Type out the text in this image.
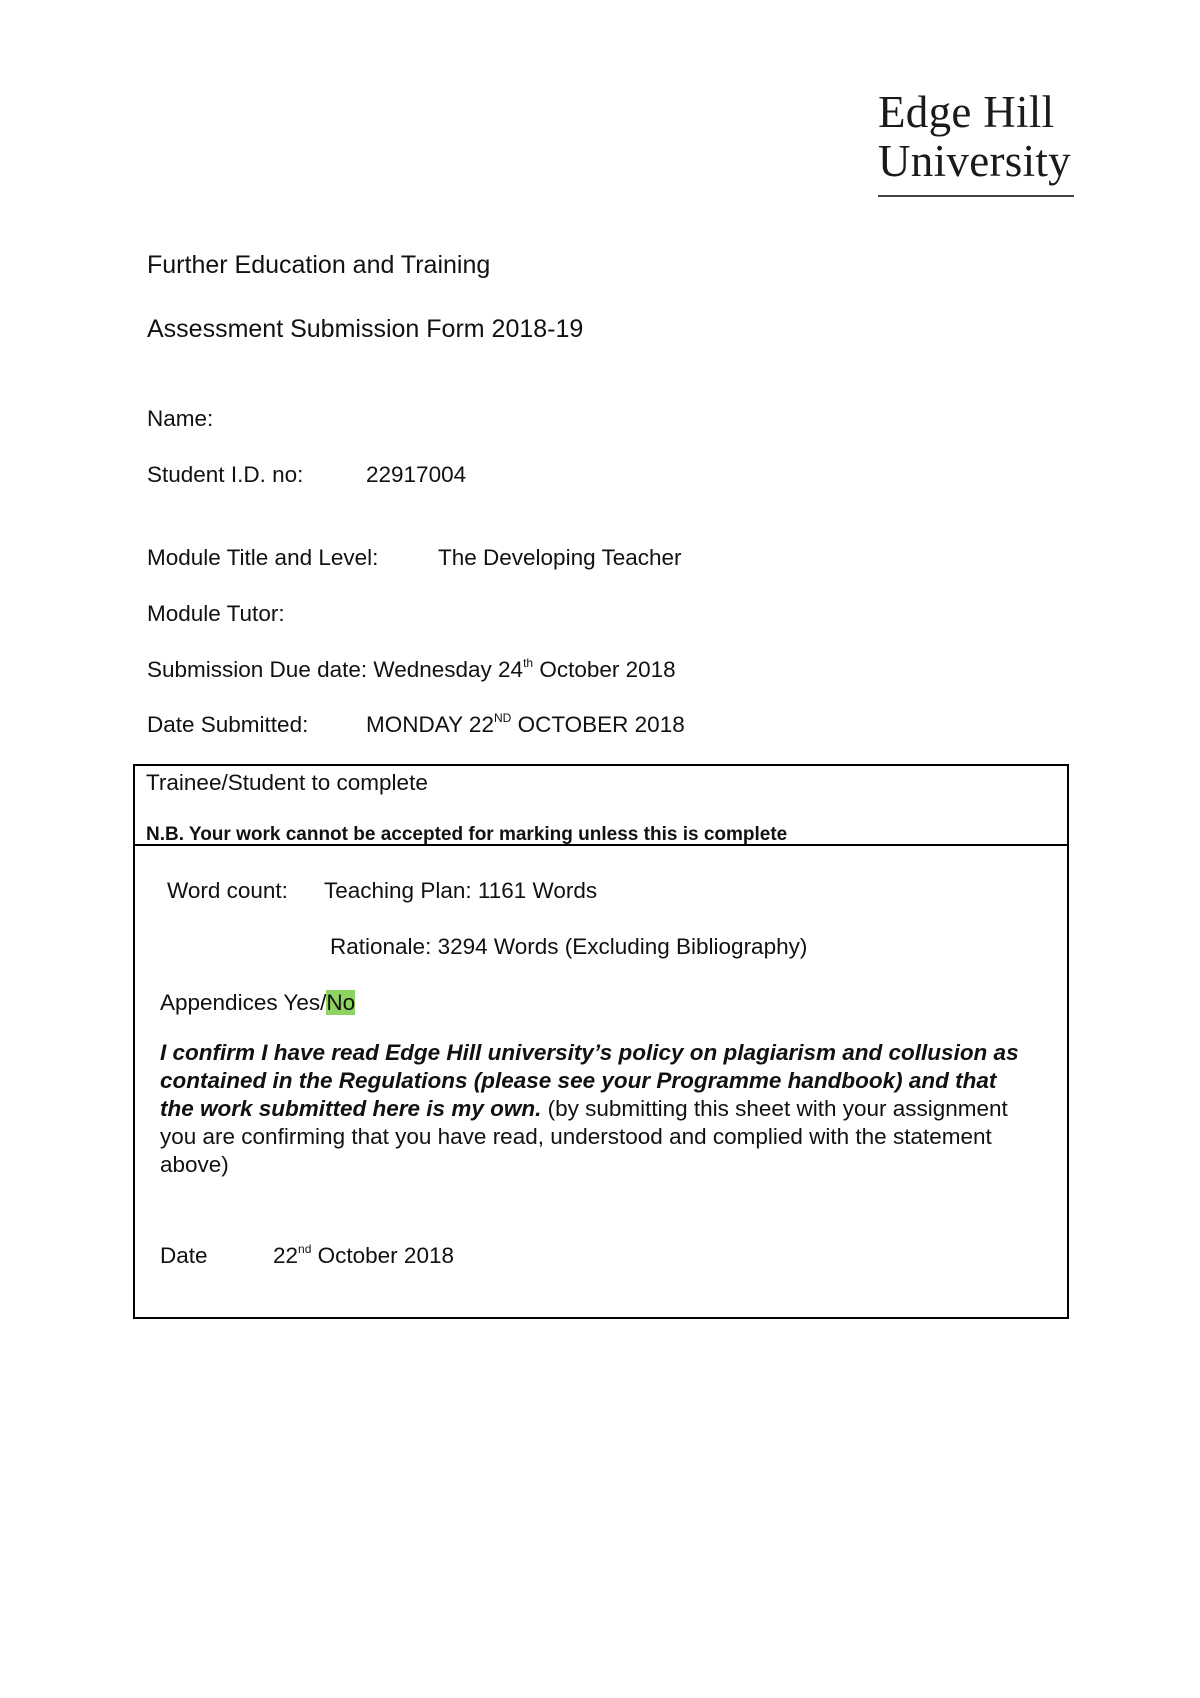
Edge Hill
University
Further Education and Training
Assessment Submission Form 2018-19
Name:
Student I.D. no:	22917004
Module Title and Level:	The Developing Teacher
Module Tutor:
Submission Due date: Wednesday 24th October 2018
Date Submitted:	MONDAY 22ND OCTOBER 2018
Trainee/Student to complete
N.B. Your work cannot be accepted for marking unless this is complete
Word count: Teaching Plan: 1161 Words
Rationale: 3294 Words (Excluding Bibliography)
Appendices Yes/No
I confirm I have read Edge Hill university’s policy on plagiarism and collusion as contained in the Regulations (please see your Programme handbook) and that the work submitted here is my own. (by submitting this sheet with your assignment you are confirming that you have read, understood and complied with the statement above)
Date	22nd October 2018
